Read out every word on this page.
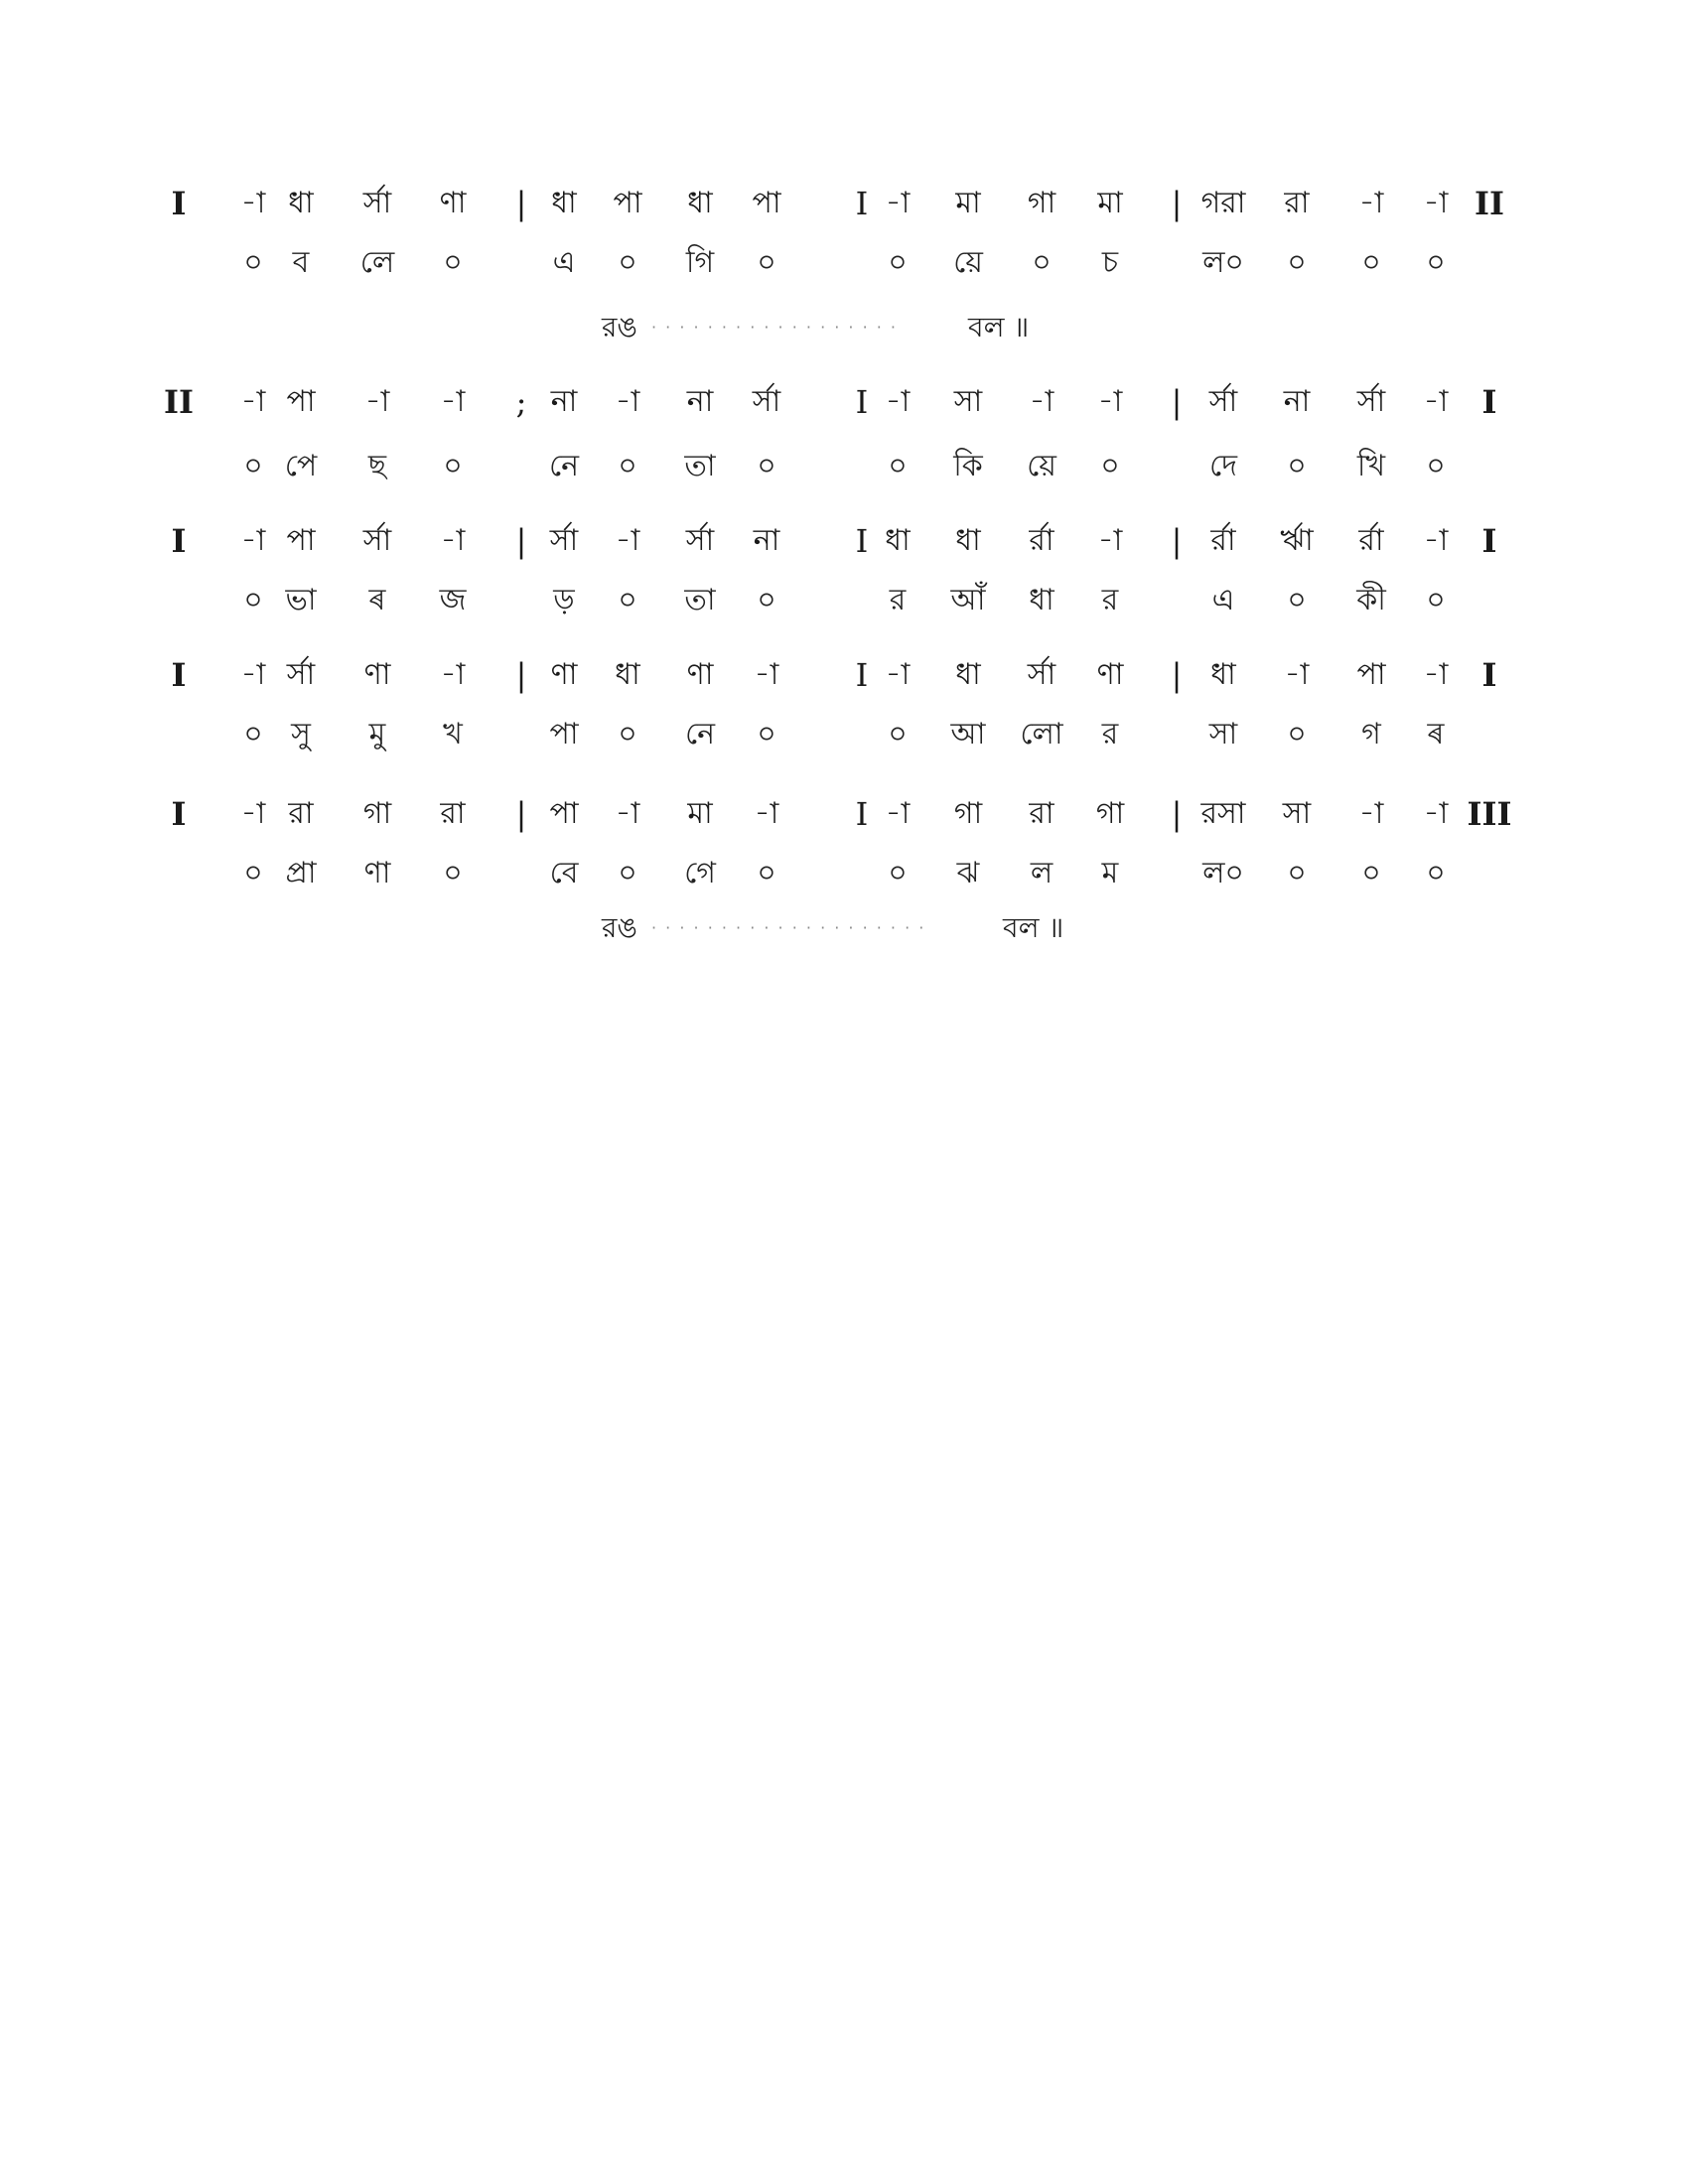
I	-া ধা	র্সা	ণা	| ধা	পা	ধা	পা	I -া	মা	গা	মা	| গরা	রা	-া	-া II
০ ব	লে	০	এ	০	গি	০	০	য়ে	০	চ	ল০	০	০	০
রঙ · · · · · · · · · · · · · · · · · ·	বল ॥
II	-া পা	-া	-া	; না	-া	না	র্সা	I -া	সা	-া	-া	| র্সা	না	র্সা	-া	I
০ পে	ছ	০	নে	০	তা	০	০	কি	য়ে	০	দে	০	খি	০
I	-া পা	র্সা	-া	| র্সা	-া	র্সা	না	I ধা	ধা	র্রা	-া	| র্রা	র্ঋা	র্রা	-া	I
০ ভা	ৰ	জ	ড়	০	তা	০	র	আঁ	ধা	র	এ	০	কী	০
I	-া র্সা	ণা	-া	| ণা	ধা	ণা	-া	I -া	ধা	র্সা	ণা	| ধা	-া	পা	-া	I
০ সু	মু	খ	পা	০	নে	০	০	আ	লো	র	সা	০	গ	ৰ
I	-া রা	গা	রা	| পা	-া	মা	-া	I -া	গা	রা	গা	| রসা	সা	-া	-া III
০ প্রা	ণা	০	বে	০	গে	০	০	ঝ	ল	ম	ল০	০	০	০
রঙ · · · · · · · · · · · · · · · · · · · ·	বল ॥
